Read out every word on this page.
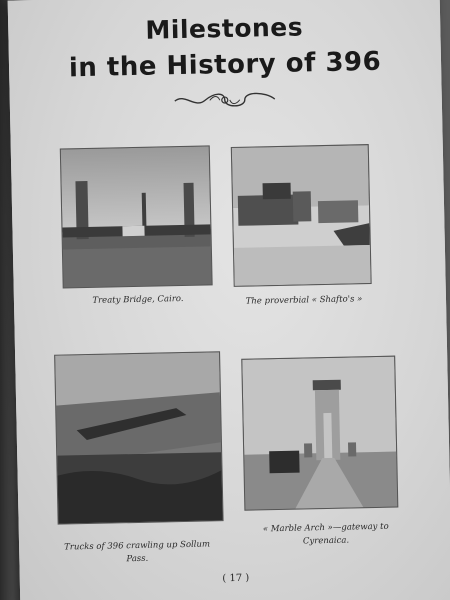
Milestones
in the History of 396
Treaty Bridge, Cairo.	The proverbial « Shafto's »
Trucks of 396 crawling up Sollum Pass.
« Marble Arch »—gateway to Cyrenaica.
( 17 )
